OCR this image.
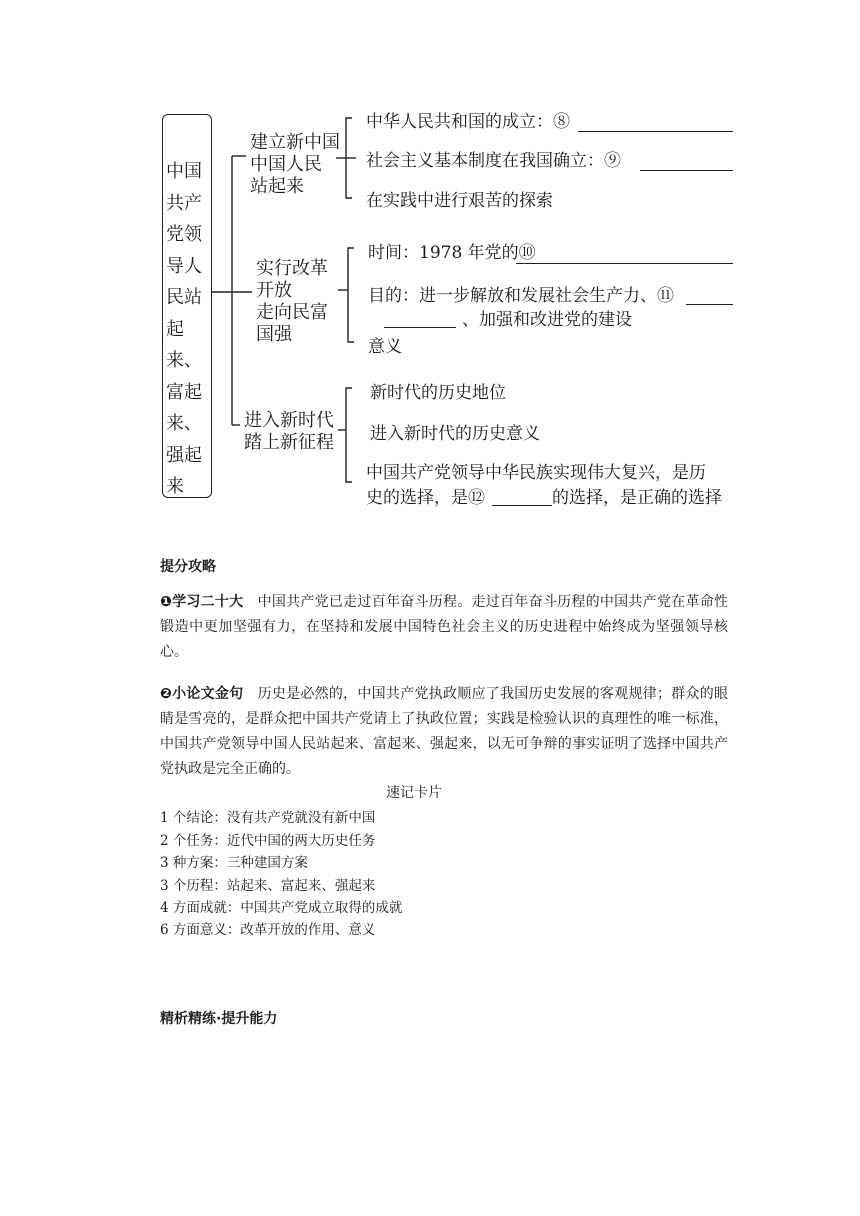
中国
共产
党领
导人
民站
起来、
富起
来、
强起
来
建立新中国
中国人民
站起来
中华人民共和国的成立：⑧
社会主义基本制度在我国确立：⑨
在实践中进行艰苦的探索
实行改革
开放
走向民富
国强
时间：1978 年党的⑩
目的：进一步解放和发展社会生产力、⑪
、加强和改进党的建设
意义
进入新时代
踏上新征程
新时代的历史地位
进入新时代的历史意义
中国共产党领导中华民族实现伟大复兴，是历
史的选择，是⑫	的选择，是正确的选择
提分攻略
❶学习二十大 中国共产党已走过百年奋斗历程。走过百年奋斗历程的中国共产党在革命性锻造中更加坚强有力，在坚持和发展中国特色社会主义的历史进程中始终成为坚强领导核心。
❷小论文金句 历史是必然的，中国共产党执政顺应了我国历史发展的客观规律；群众的眼睛是雪亮的，是群众把中国共产党请上了执政位置；实践是检验认识的真理性的唯一标准，中国共产党领导中国人民站起来、富起来、强起来，以无可争辩的事实证明了选择中国共产党执政是完全正确的。
速记卡片
1 个结论：没有共产党就没有新中国
2 个任务：近代中国的两大历史任务
3 种方案：三种建国方案
3 个历程：站起来、富起来、强起来
4 方面成就：中国共产党成立取得的成就
6 方面意义：改革开放的作用、意义
精析精练·提升能力
